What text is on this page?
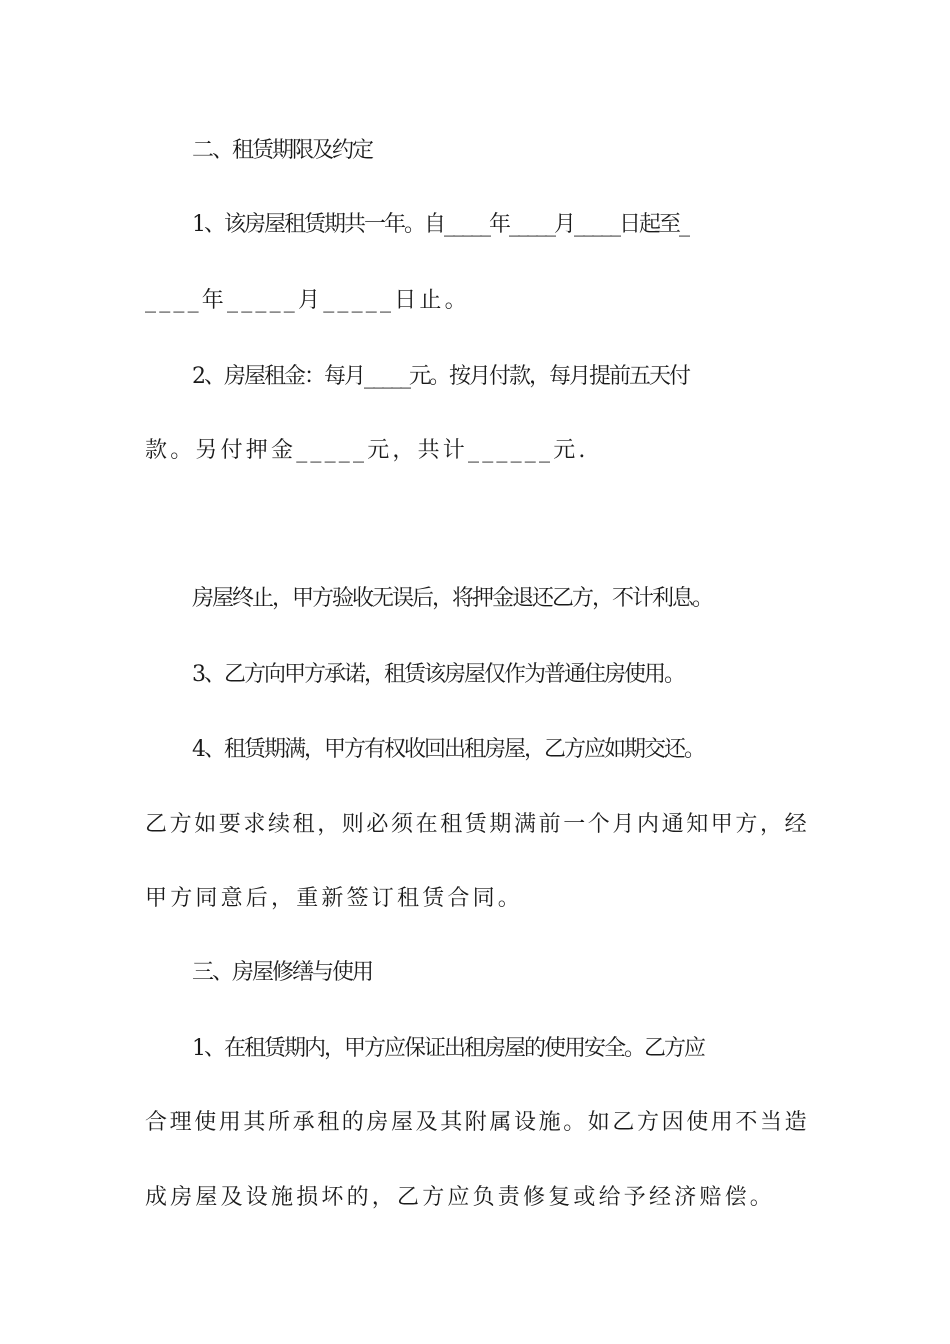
二、租赁期限及约定
1、该房屋租赁期共一年。自_____年_____月_____日起至_
____年_____月_____日止。
2、房屋租金：每月_____元。按月付款，每月提前五天付
款。另付押金_____元，共计______元.
房屋终止，甲方验收无误后，将押金退还乙方，不计利息。
3、乙方向甲方承诺，租赁该房屋仅作为普通住房使用。
4、租赁期满，甲方有权收回出租房屋，乙方应如期交还。
乙方如要求续租，则必须在租赁期满前一个月内通知甲方，经
甲方同意后，重新签订租赁合同。
三、房屋修缮与使用
1、在租赁期内，甲方应保证出租房屋的使用安全。乙方应
合理使用其所承租的房屋及其附属设施。如乙方因使用不当造
成房屋及设施损坏的，乙方应负责修复或给予经济赔偿。
